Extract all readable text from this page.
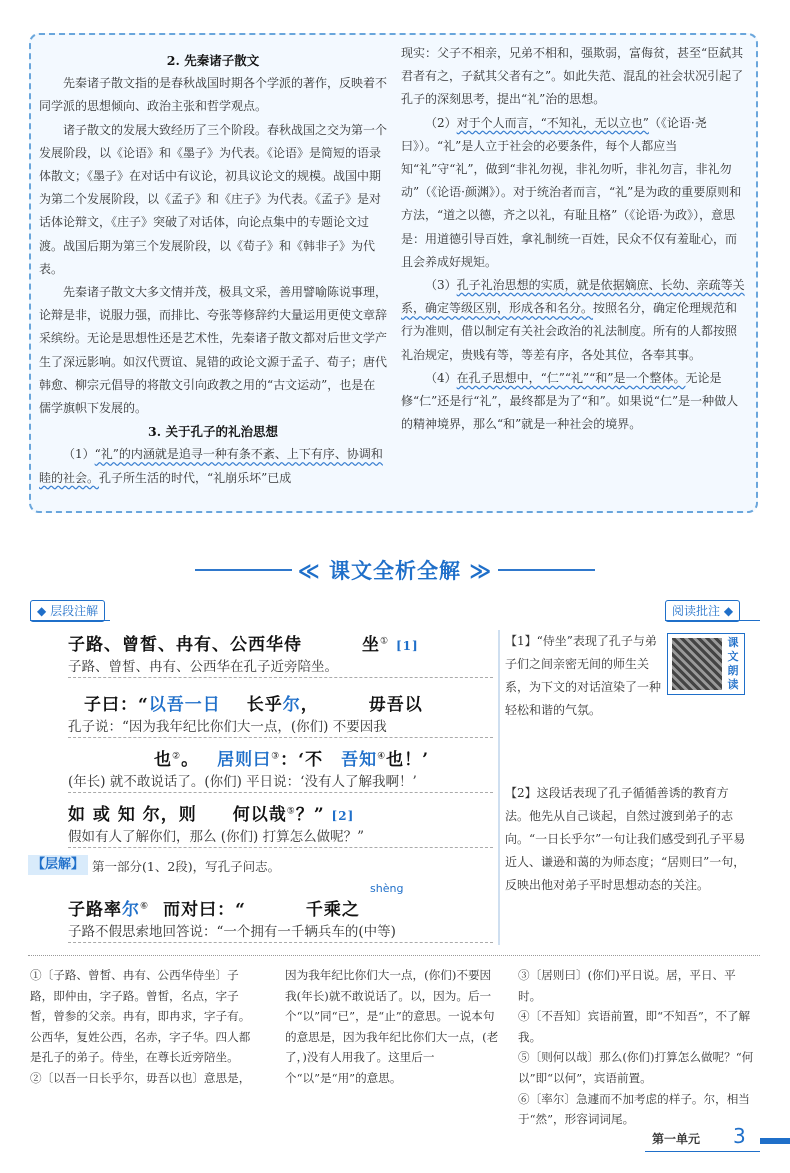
2. 先秦诸子散文

先秦诸子散文指的是春秋战国时期各个学派的著作，反映着不同学派的思想倾向、政治主张和哲学观点。

诸子散文的发展大致经历了三个阶段。春秋战国之交为第一个发展阶段，以《论语》和《墨子》为代表。《论语》是简短的语录体散文；《墨子》在对话中有议论，初具议论文的规模。战国中期为第二个发展阶段，以《孟子》和《庄子》为代表。《孟子》是对话体论辩文，《庄子》突破了对话体，向论点集中的专题论文过渡。战国后期为第三个发展阶段，以《荀子》和《韩非子》为代表。

先秦诸子散文大多文情并茂，极具文采，善用譬喻陈说事理，论辩是非，说服力强，而排比、夸张等修辞约大量运用更使文章辞采缤纷。无论是思想性还是艺术性，先秦诸子散文都对后世文学产生了深远影响。如汉代贾谊、晁错的政论文源于孟子、荀子；唐代韩愈、柳宗元倡导的将散文引向政教之用的“古文运动”，也是在儒学旗帜下发展的。

3. 关于孔子的礼治思想

（1）“礼”的内涵就是追寻一种有条不紊、上下有序、协调和睦的社会。孔子所生活的时代，“礼崩乐坏”已成

现实：父子不相亲，兄弟不相和，强欺弱，富侮贫，甚至“臣弑其君者有之，子弑其父者有之”。如此失范、混乱的社会状况引起了孔子的深刻思考，提出“礼”治的思想。

（2）对于个人而言，“不知礼，无以立也”（《论语·尧曰》）。“礼”是人立于社会的必要条件，每个人都应当知“礼”守“礼”，做到“非礼勿视，非礼勿听，非礼勿言，非礼勿动”（《论语·颜渊》）。对于统治者而言，“礼”是为政的重要原则和方法，“道之以德，齐之以礼，有耻且格”（《论语·为政》），意思是：用道德引导百姓，拿礼制统一百姓，民众不仅有羞耻心，而且会养成好规矩。

（3）孔子礼治思想的实质，就是依据嫡庶、长幼、亲疏等关系，确定等级区别，形成各和名分。按照名分，确定伦理规范和行为准则，借以制定有关社会政治的礼法制度。所有的人都按照礼治规定，贵贱有等，等差有序，各处其位，各奉其事。

（4）在孔子思想中，“仁”“礼”“和”是一个整体。无论是修“仁”还是行“礼”，最终都是为了“和”。如果说“仁”是一种做人的精神境界，那么“和”就是一种社会的境界。

≪ 课文全析全解 ≫
◆ 层段注解	阅读批注 ◆
子路、曾皙、冉有、公西华侍	坐① [1]
子路、曾皙、冉有、公西华在孔子近旁陪坐。
子曰：“以吾一日 长乎尔，	毋吾以
孔子说：“因为我年纪比你们大一点，(你们) 不要因我
也②。 居则曰③：‘不 吾知④也！’
(年长) 就不敢说话了。(你们) 平日说：‘没有人了解我啊！’
如 或 知 尔，则 何以哉⑤？” [2]
假如有人了解你们，那么 (你们) 打算怎么做呢？”
【层解】 第一部分(1、2段)，写孔子问志。
shèng
子路率尔⑥ 而对曰：“	千乘之
子路不假思索地回答说：“一个拥有一千辆兵车的(中等)

【1】“侍坐”表现了孔子与弟子们之间亲密无间的师生关系，为下文的对话渲染了一种轻松和谐的气氛。

【2】这段话表现了孔子循循善诱的教育方法。他先从自己谈起，自然过渡到弟子的志向。“一日长乎尔”一句让我们感受到孔子平易近人、谦逊和蔼的为师态度；“居则曰”一句，反映出他对弟子平时思想动态的关注。

课文朗读

①〔子路、曾皙、冉有、公西华侍坐〕子路，即仲由，字子路。曾皙，名点，字子皙，曾参的父亲。冉有，即冉求，字子有。公西华，复姓公西，名赤，字子华。四人都是孔子的弟子。侍坐，在尊长近旁陪坐。

②〔以吾一日长乎尔，毋吾以也〕意思是，

因为我年纪比你们大一点，(你们)不要因我(年长)就不敢说话了。以，因为。后一个“以”同“已”，是“止”的意思。一说本句的意思是，因为我年纪比你们大一点，(老了，)没有人用我了。这里后一个“以”是“用”的意思。

③〔居则曰〕(你们)平日说。居，平日、平时。

④〔不吾知〕宾语前置，即“不知吾”，不了解我。

⑤〔则何以哉〕那么(你们)打算怎么做呢？“何以”即“以何”，宾语前置。

⑥〔率尔〕急遽而不加考虑的样子。尔，相当于“然”，形容词词尾。

第一单元 3
